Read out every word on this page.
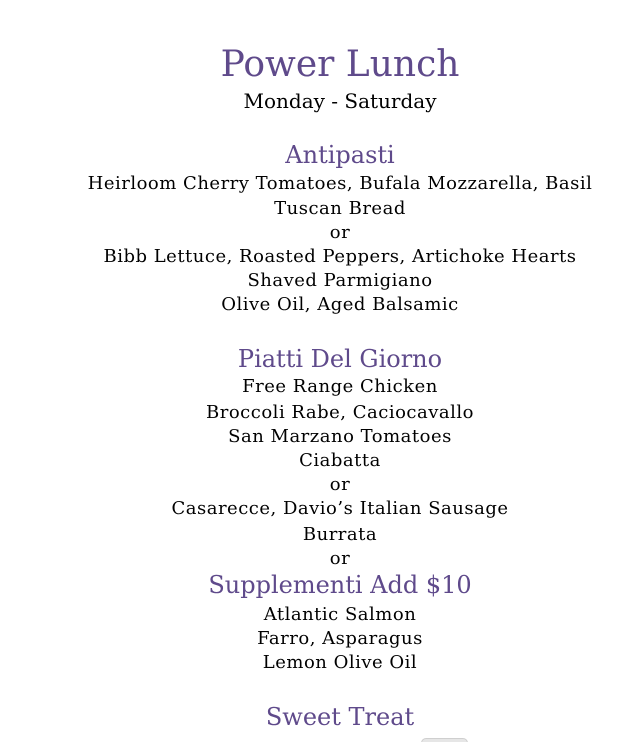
Power Lunch
Monday - Saturday
Antipasti
Heirloom Cherry Tomatoes, Bufala Mozzarella, Basil
Tuscan Bread
or
Bibb Lettuce, Roasted Peppers, Artichoke Hearts
Shaved Parmigiano
Olive Oil, Aged Balsamic
Piatti Del Giorno
Free Range Chicken
Broccoli Rabe, Caciocavallo
San Marzano Tomatoes
Ciabatta
or
Casarecce, Davio’s Italian Sausage
Burrata
or
Supplementi Add $10
Atlantic Salmon
Farro, Asparagus
Lemon Olive Oil
Sweet Treat
